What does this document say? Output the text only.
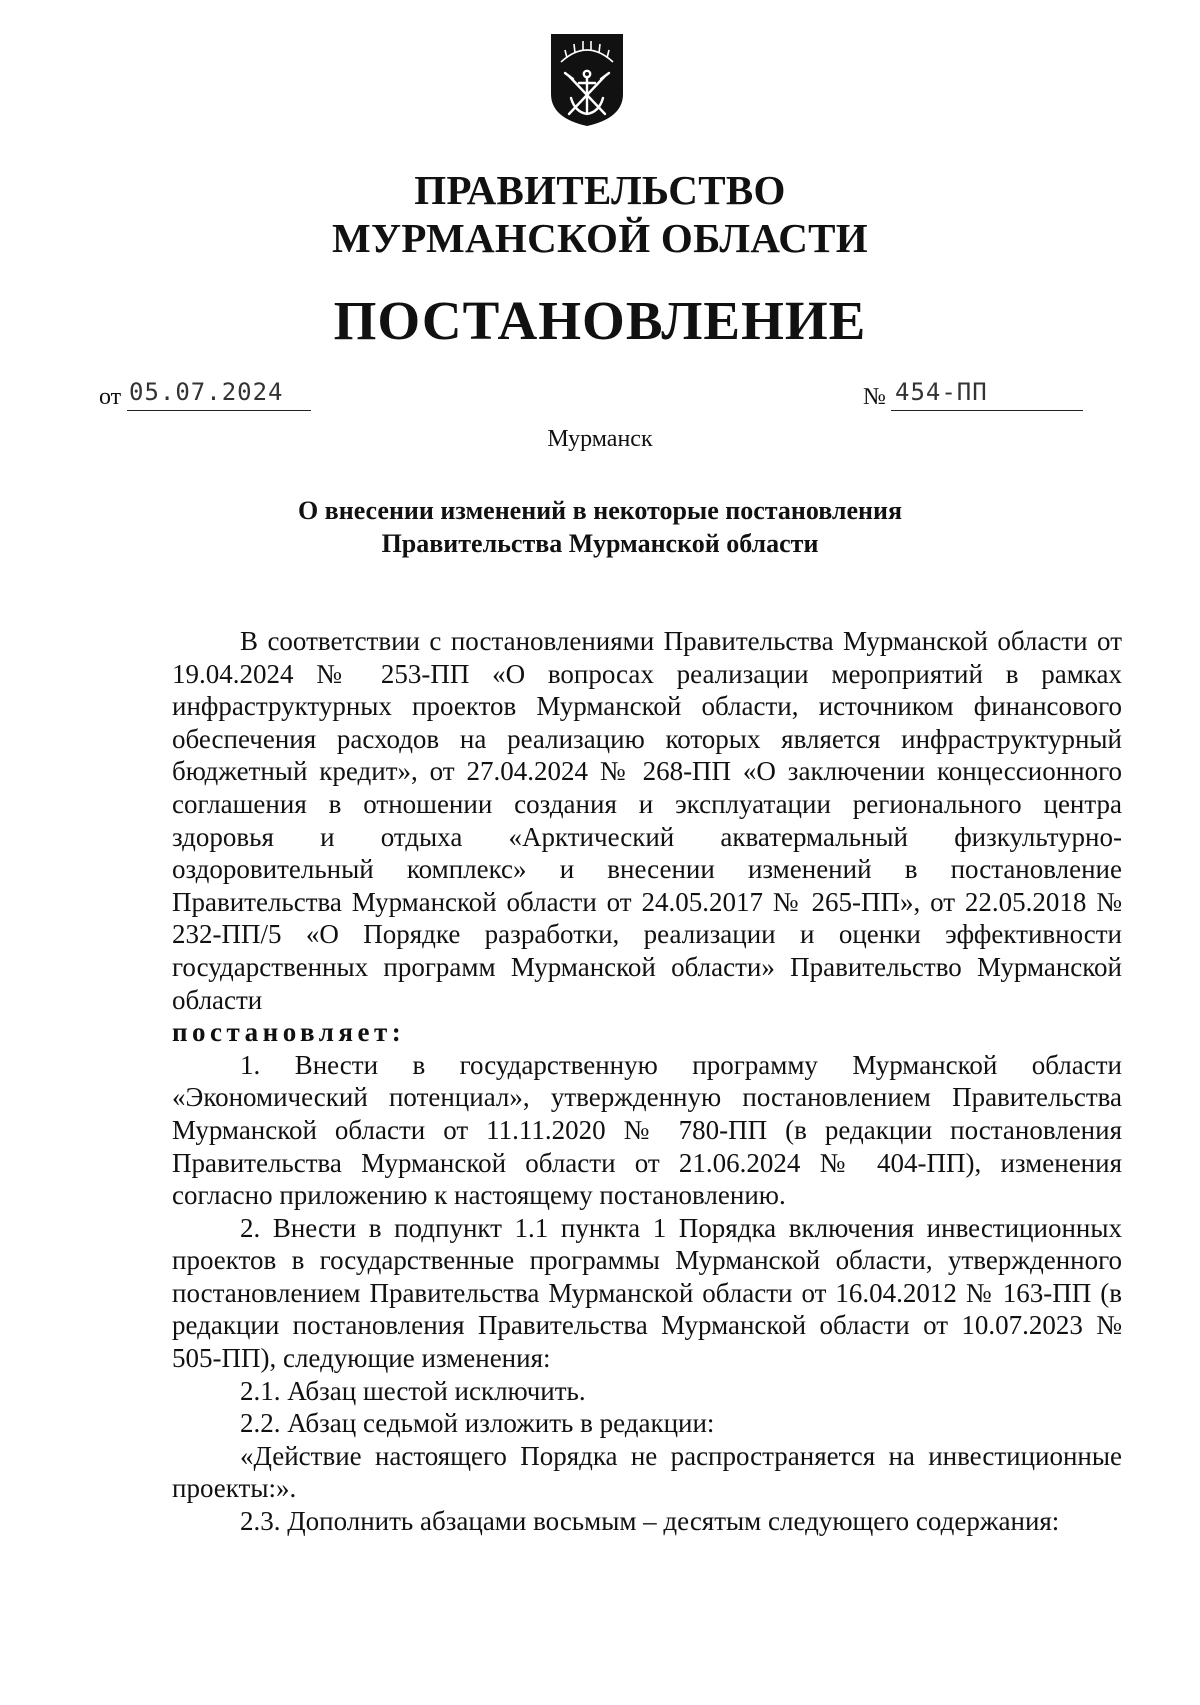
ПРАВИТЕЛЬСТВО
МУРМАНСКОЙ ОБЛАСТИ
ПОСТАНОВЛЕНИЕ
от 05.07.2024	№ 454-ПП
Мурманск
О внесении изменений в некоторые постановления
Правительства Мурманской области

В соответствии с постановлениями Правительства Мурманской области от 19.04.2024 № 253-ПП «О вопросах реализации мероприятий в рамках инфраструктурных проектов Мурманской области, источником финансового обеспечения расходов на реализацию которых является инфраструктурный бюджетный кредит», от 27.04.2024 № 268-ПП «О заключении концессионного соглашения в отношении создания и эксплуатации регионального центра здоровья и отдыха «Арктический акватермальный физкультурно-оздоровительный комплекс» и внесении изменений в постановление Правительства Мурманской области от 24.05.2017 № 265-ПП», от 22.05.2018 № 232-ПП/5 «О Порядке разработки, реализации и оценки эффективности государственных программ Мурманской области» Правительство Мурманской области

постановляет:

1. Внести в государственную программу Мурманской области «Экономический потенциал», утвержденную постановлением Правительства Мурманской области от 11.11.2020 № 780-ПП (в редакции постановления Правительства Мурманской области от 21.06.2024 № 404-ПП), изменения согласно приложению к настоящему постановлению.

2. Внести в подпункт 1.1 пункта 1 Порядка включения инвестиционных проектов в государственные программы Мурманской области, утвержденного постановлением Правительства Мурманской области от 16.04.2012 № 163-ПП (в редакции постановления Правительства Мурманской области от 10.07.2023 № 505-ПП), следующие изменения:

2.1. Абзац шестой исключить.

2.2. Абзац седьмой изложить в редакции:

«Действие настоящего Порядка не распространяется на инвестиционные проекты:».

2.3. Дополнить абзацами восьмым – десятым следующего содержания:
